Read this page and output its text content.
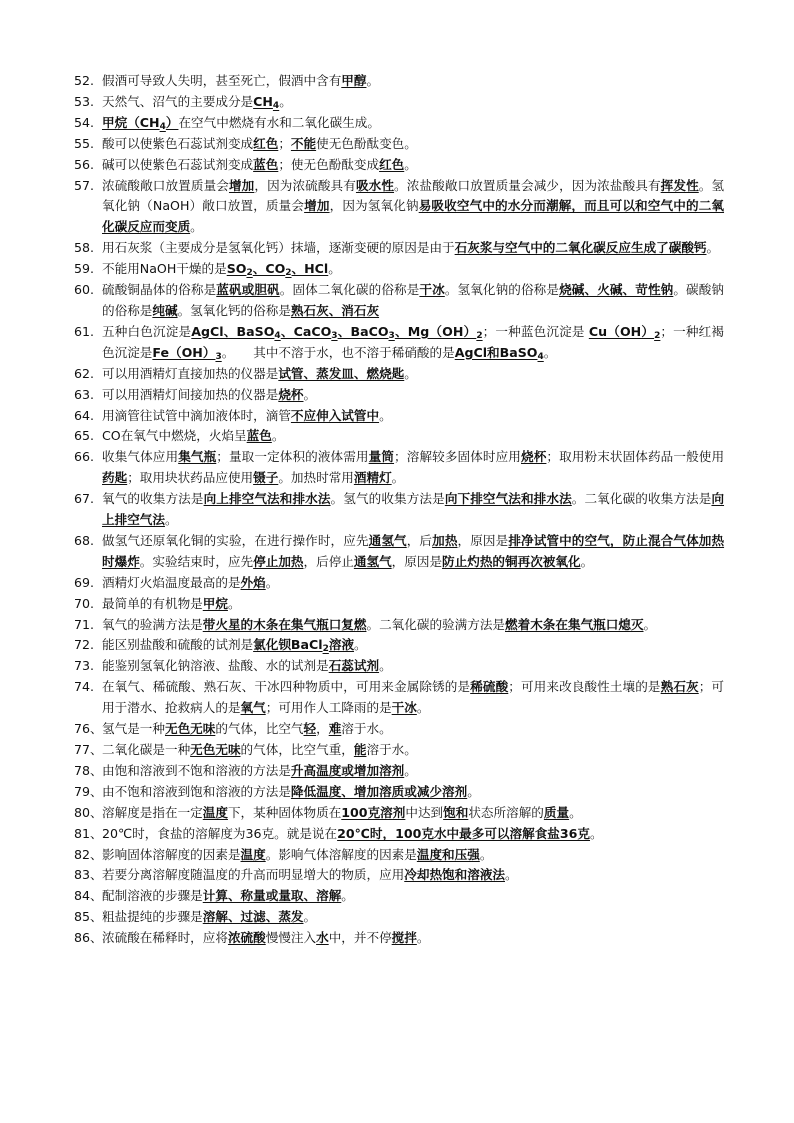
52. 假酒可导致人失明，甚至死亡，假酒中含有甲醇。
53. 天然气、沼气的主要成分是CH4。
54. 甲烷（CH4）在空气中燃烧有水和二氧化碳生成。
55. 酸可以使紫色石蕊试剂变成红色；不能使无色酚酞变色。
56. 碱可以使紫色石蕊试剂变成蓝色；使无色酚酞变成红色。
57. 浓硫酸敞口放置质量会增加，因为浓硫酸具有吸水性。浓盐酸敞口放置质量会减少，因为浓盐酸具有挥发性。氢氧化钠（NaOH）敞口放置，质量会增加，因为氢氧化钠易吸收空气中的水分而潮解，而且可以和空气中的二氧化碳反应而变质。
58. 用石灰浆（主要成分是氢氧化钙）抹墙，逐渐变硬的原因是由于石灰浆与空气中的二氧化碳反应生成了碳酸钙。
59. 不能用NaOH干燥的是SO2、CO2、HCl。
60. 硫酸铜晶体的俗称是蓝矾或胆矾。固体二氧化碳的俗称是干冰。氢氧化钠的俗称是烧碱、火碱、苛性钠。碳酸钠的俗称是纯碱。氢氧化钙的俗称是熟石灰、消石灰
61. 五种白色沉淀是AgCl、BaSO4、CaCO3、BaCO3、Mg（OH）2；一种蓝色沉淀是 Cu（OH）2；一种红褐色沉淀是Fe（OH）3。　　其中不溶于水，也不溶于稀硝酸的是AgCl和BaSO4。
62. 可以用酒精灯直接加热的仪器是试管、蒸发皿、燃烧匙。
63. 可以用酒精灯间接加热的仪器是烧杯。
64. 用滴管往试管中滴加液体时，滴管不应伸入试管中。
65. CO在氧气中燃烧，火焰呈蓝色。
66. 收集气体应用集气瓶；量取一定体积的液体需用量筒；溶解较多固体时应用烧杯；取用粉末状固体药品一般使用药匙；取用块状药品应使用镊子。加热时常用酒精灯。
67. 氧气的收集方法是向上排空气法和排水法。氢气的收集方法是向下排空气法和排水法。二氧化碳的收集方法是向上排空气法。
68. 做氢气还原氧化铜的实验，在进行操作时，应先通氢气，后加热，原因是排净试管中的空气，防止混合气体加热时爆炸。实验结束时，应先停止加热，后停止通氢气，原因是防止灼热的铜再次被氧化。
69. 酒精灯火焰温度最高的是外焰。
70. 最简单的有机物是甲烷。
71. 氧气的验满方法是带火星的木条在集气瓶口复燃。二氧化碳的验满方法是燃着木条在集气瓶口熄灭。
72. 能区别盐酸和硫酸的试剂是氯化钡BaCl2溶液。
73. 能鉴别氢氧化钠溶液、盐酸、水的试剂是石蕊试剂。
74. 在氧气、稀硫酸、熟石灰、干冰四种物质中，可用来金属除锈的是稀硫酸；可用来改良酸性土壤的是熟石灰；可用于潜水、抢救病人的是氧气；可用作人工降雨的是干冰。
76、 氢气是一种无色无味的气体，比空气轻，难溶于水。
77、 二氧化碳是一种无色无味的气体，比空气重，能溶于水。
78、 由饱和溶液到不饱和溶液的方法是升高温度或增加溶剂。
79、 由不饱和溶液到饱和溶液的方法是降低温度、增加溶质或减少溶剂。
80、 溶解度是指在一定温度下，某种固体物质在100克溶剂中达到饱和状态所溶解的质量。
81、 20℃时，食盐的溶解度为36克。就是说在20℃时，100克水中最多可以溶解食盐36克。
82、 影响固体溶解度的因素是温度。影响气体溶解度的因素是温度和压强。
83、 若要分离溶解度随温度的升高而明显增大的物质，应用冷却热饱和溶液法。
84、 配制溶液的步骤是计算、称量或量取、溶解。
85、 粗盐提纯的步骤是溶解、过滤、蒸发。
86、 浓硫酸在稀释时，应将浓硫酸慢慢注入水中，并不停搅拌。
